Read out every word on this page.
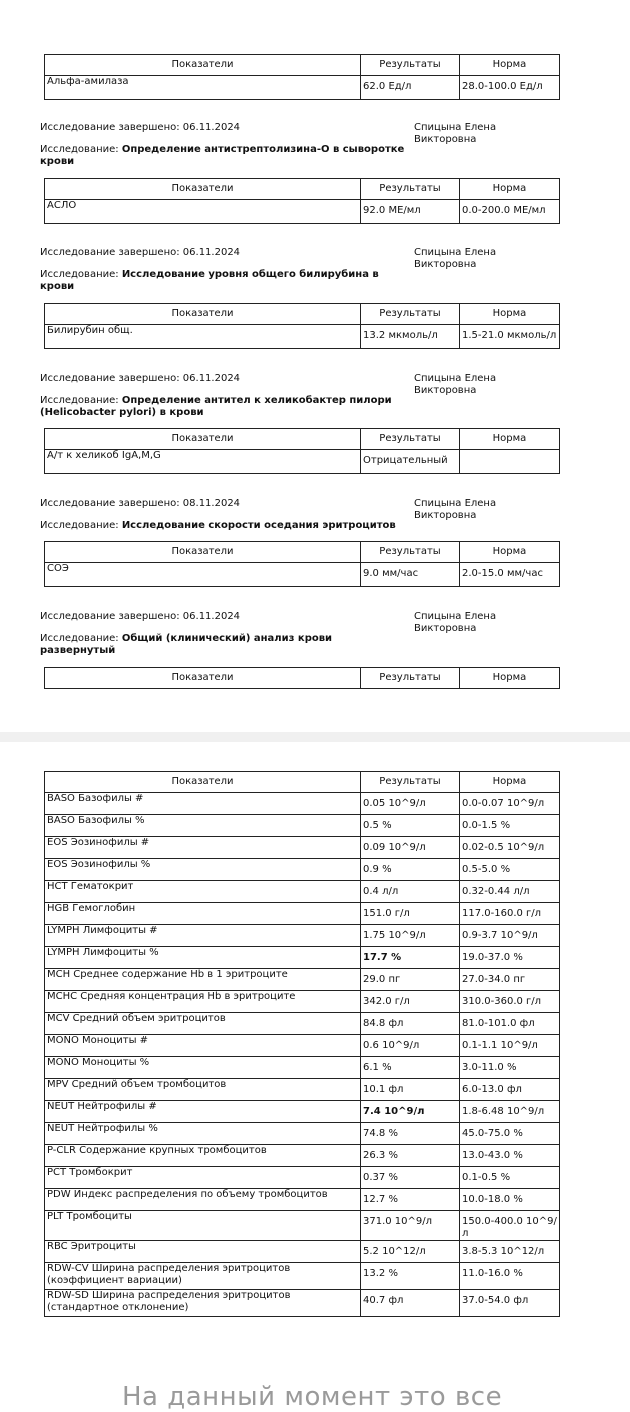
Показатели	Результаты	Норма
Альфа-амилаза	62.0 Ед/л	28.0-100.0 Ед/л
Исследование завершено: 06.11.2024	Спицына Елена Викторовна
Исследование: Определение антистрептолизина-О в сыворотке крови
Показатели	Результаты	Норма
АСЛО	92.0 МЕ/мл	0.0-200.0 МЕ/мл
Исследование завершено: 06.11.2024	Спицына Елена Викторовна
Исследование: Исследование уровня общего билирубина в крови
Показатели	Результаты	Норма
Билирубин общ.	13.2 мкмоль/л	1.5-21.0 мкмоль/л
Исследование завершено: 06.11.2024	Спицына Елена Викторовна
Исследование: Определение антител к хеликобактер пилори (Helicobacter pylori) в крови
Показатели	Результаты	Норма
А/т к хеликоб IgA,M,G	Отрицательный	
Исследование завершено: 08.11.2024	Спицына Елена Викторовна
Исследование: Исследование скорости оседания эритроцитов
Показатели	Результаты	Норма
СОЭ	9.0 мм/час	2.0-15.0 мм/час
Исследование завершено: 06.11.2024	Спицына Елена Викторовна
Исследование: Общий (клинический) анализ крови развернутый
Показатели	Результаты	Норма
Показатели	Результаты	Норма
BASO Базофилы #	0.05 10^9/л	0.0-0.07 10^9/л
BASO Базофилы %	0.5 %	0.0-1.5 %
EOS Эозинофилы #	0.09 10^9/л	0.02-0.5 10^9/л
EOS Эозинофилы %	0.9 %	0.5-5.0 %
HCT Гематокрит	0.4 л/л	0.32-0.44 л/л
HGB Гемоглобин	151.0 г/л	117.0-160.0 г/л
LYMPH Лимфоциты #	1.75 10^9/л	0.9-3.7 10^9/л
LYMPH Лимфоциты %	17.7 %	19.0-37.0 %
MCH Среднее содержание Hb в 1 эритроците	29.0 пг	27.0-34.0 пг
MCHC Средняя концентрация Hb в эритроците	342.0 г/л	310.0-360.0 г/л
MCV Средний объем эритроцитов	84.8 фл	81.0-101.0 фл
MONO Моноциты #	0.6 10^9/л	0.1-1.1 10^9/л
MONO Моноциты %	6.1 %	3.0-11.0 %
MPV Средний объем тромбоцитов	10.1 фл	6.0-13.0 фл
NEUT Нейтрофилы #	7.4 10^9/л	1.8-6.48 10^9/л
NEUT Нейтрофилы %	74.8 %	45.0-75.0 %
P-CLR Содержание крупных тромбоцитов	26.3 %	13.0-43.0 %
PCT Тромбокрит	0.37 %	0.1-0.5 %
PDW Индекс распределения по объему тромбоцитов	12.7 %	10.0-18.0 %
PLT Тромбоциты	371.0 10^9/л	150.0-400.0 10^9/л
RBC Эритроциты	5.2 10^12/л	3.8-5.3 10^12/л
RDW-CV Ширина распределения эритроцитов (коэффициент вариации)	13.2 %	11.0-16.0 %
RDW-SD Ширина распределения эритроцитов (стандартное отклонение)	40.7 фл	37.0-54.0 фл
На данный момент это все
